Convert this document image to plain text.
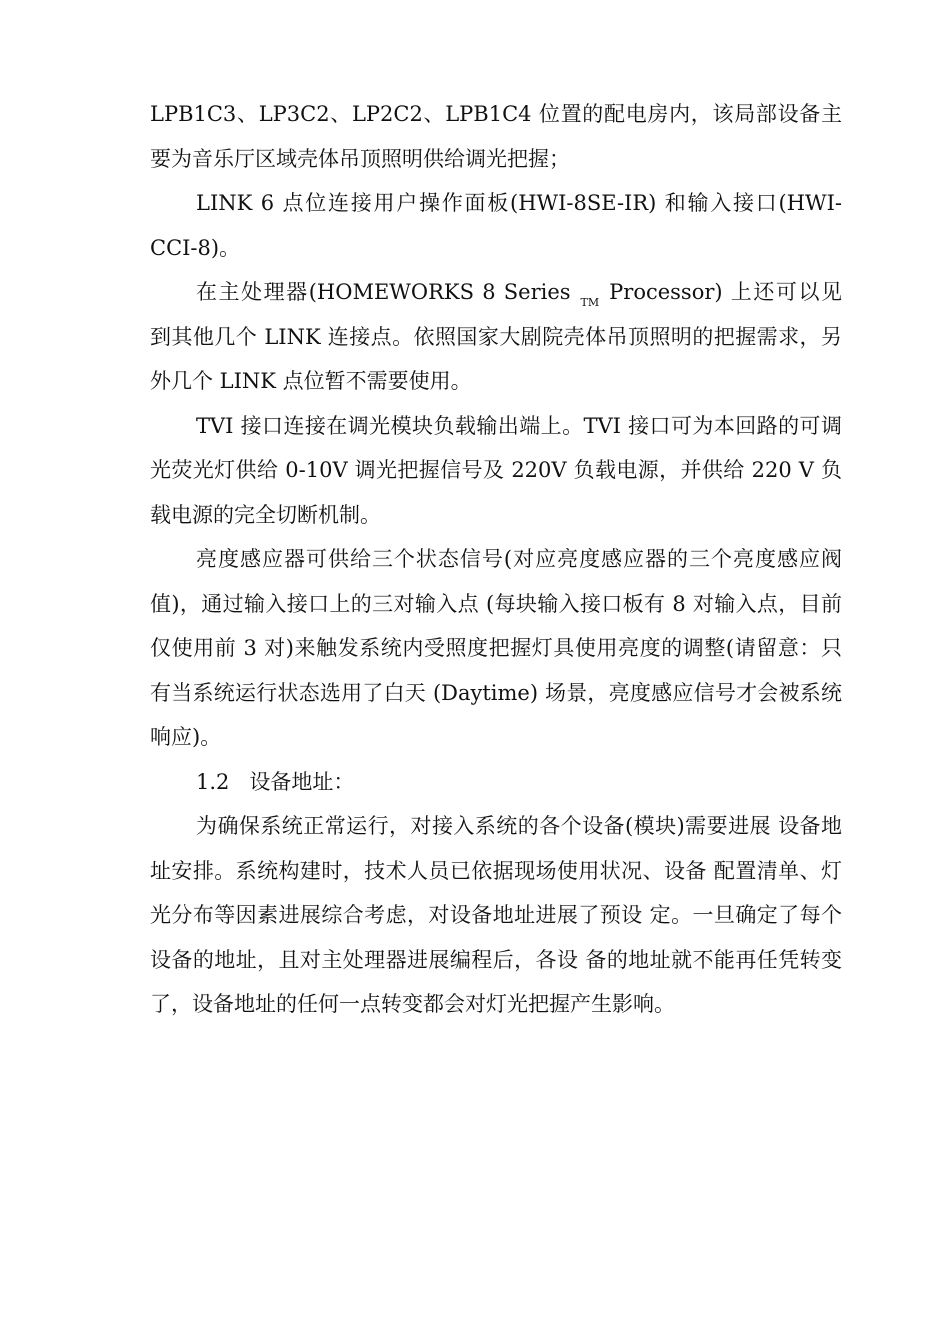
LPB1C3、LP3C2、LP2C2、LPB1C4 位置的配电房内，该局部设备主要为音乐厅区域壳体吊顶照明供给调光把握；

LINK 6 点位连接用户操作面板(HWI-8SE-IR) 和输入接口(HWI-CCI-8)。

在主处理器(HOMEWORKS 8 Series $_{TM}$ Processor) 上还可以见到其他几个 LINK 连接点。依照国家大剧院壳体吊顶照明的把握需求，另外几个 LINK 点位暂不需要使用。

TVI 接口连接在调光模块负载输出端上。TVI 接口可为本回路的可调光荧光灯供给 0-10V 调光把握信号及 220V 负载电源，并供给 220 V 负载电源的完全切断机制。

亮度感应器可供给三个状态信号(对应亮度感应器的三个亮度感应阀值)，通过输入接口上的三对输入点 (每块输入接口板有 8 对输入点，目前仅使用前 3 对)来触发系统内受照度把握灯具使用亮度的调整(请留意：只有当系统运行状态选用了白天 (Daytime) 场景，亮度感应信号才会被系统响应)。

1.2 设备地址：

为确保系统正常运行，对接入系统的各个设备(模块)需要进展 设备地址安排。系统构建时，技术人员已依据现场使用状况、设备 配置清单、灯光分布等因素进展综合考虑，对设备地址进展了预设 定。一旦确定了每个设备的地址，且对主处理器进展编程后，各设 备的地址就不能再任凭转变了，设备地址的任何一点转变都会对灯光把握产生影响。
